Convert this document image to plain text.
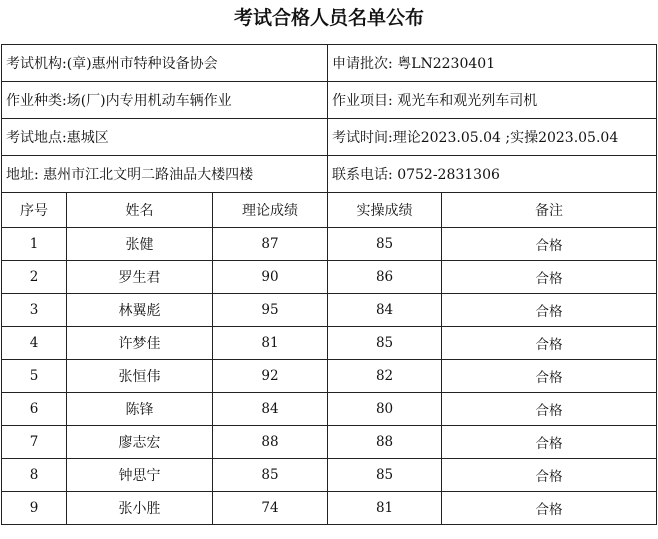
考试合格人员名单公布
考试机构:(章)惠州市特种设备协会			申请批次: 粤LN2230401	
作业种类:场(厂)内专用机动车辆作业			作业项目: 观光车和观光列车司机	
考试地点:惠城区			考试时间:理论2023.05.04 ;实操2023.05.04	
地址: 惠州市江北文明二路油品大楼四楼			联系电话: 0752-2831306	
序号	姓名	理论成绩	实操成绩	备注
1	张健	87	85	合格
2	罗生君	90	86	合格
3	林翼彪	95	84	合格
4	许梦佳	81	85	合格
5	张恒伟	92	82	合格
6	陈锋	84	80	合格
7	廖志宏	88	88	合格
8	钟思宁	85	85	合格
9	张小胜	74	81	合格
